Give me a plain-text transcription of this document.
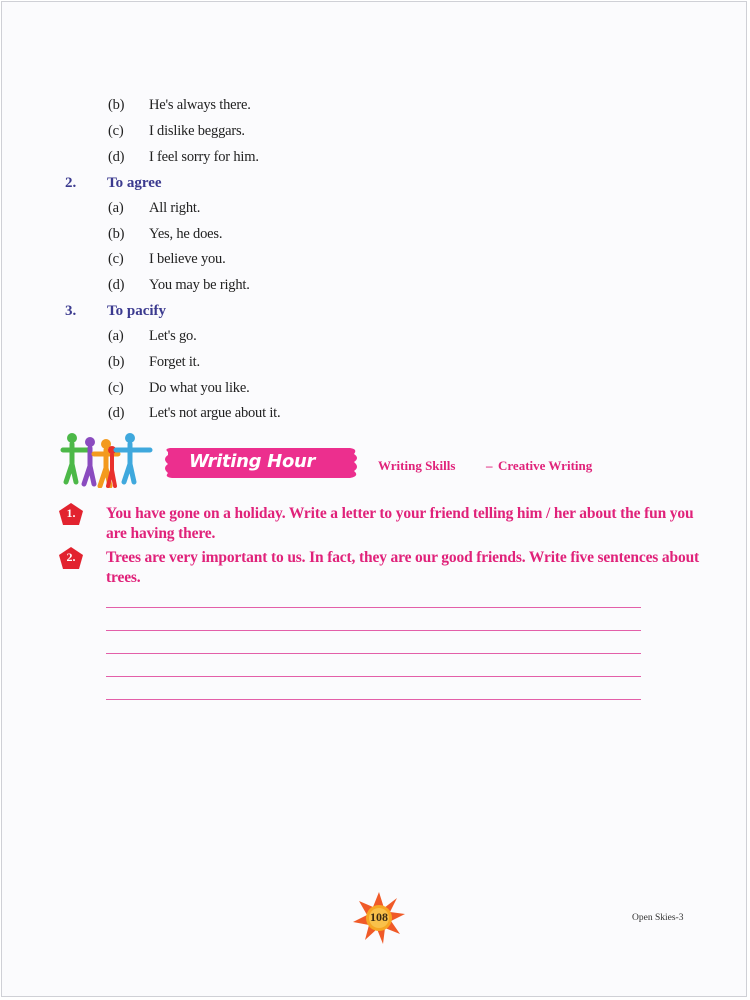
(b) He's always there.
(c) I dislike beggars.
(d) I feel sorry for him.
2. To agree
(a) All right.
(b) Yes, he does.
(c) I believe you.
(d) You may be right.
3. To pacify
(a) Let's go.
(b) Forget it.
(c) Do what you like.
(d) Let's not argue about it.
Writing Hour	Writing Skills – Creative Writing
1.	You have gone on a holiday. Write a letter to your friend telling him / her about the fun you are having there.
2.	Trees are very important to us. In fact, they are our good friends. Write five sentences about trees.
108	Open Skies-3
